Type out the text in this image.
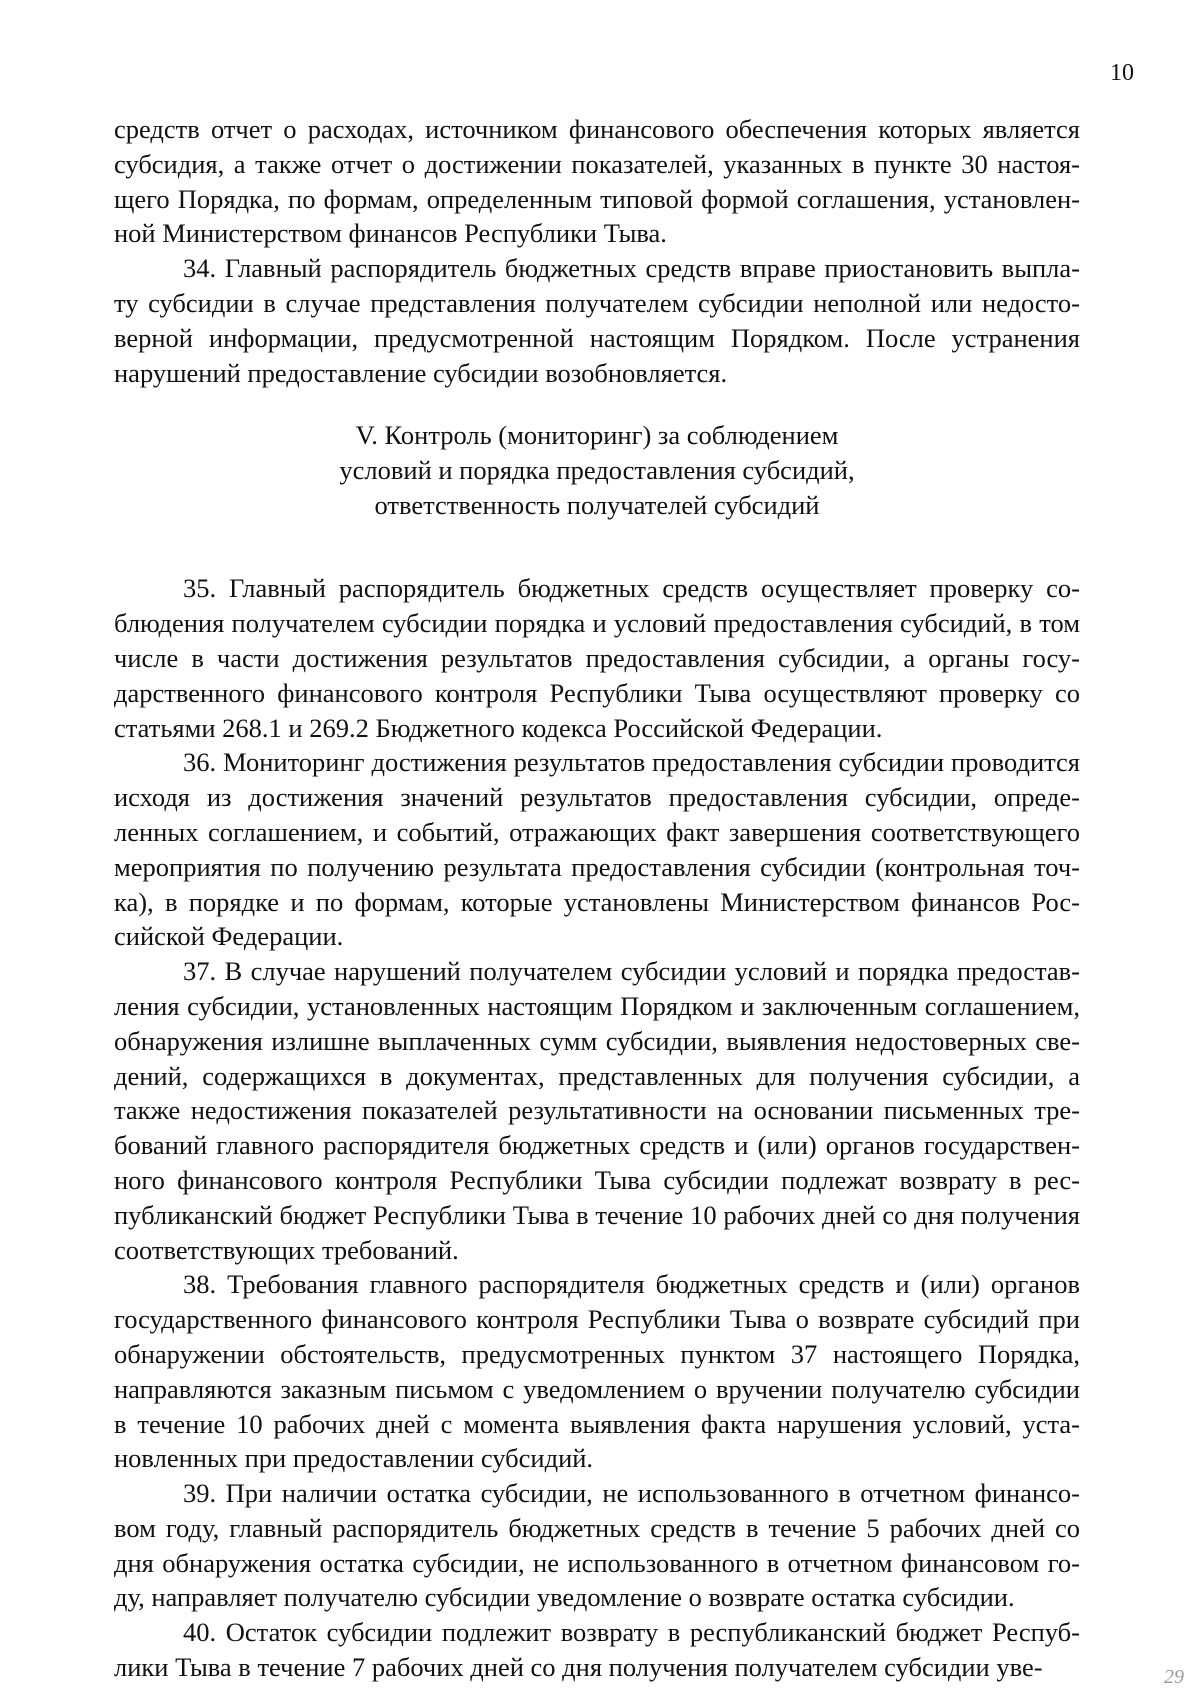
10

средств отчет о расходах, источником финансового обеспечения которых является субсидия, а также отчет о достижении показателей, указанных в пункте 30 настоящего Порядка, по формам, определенным типовой формой соглашения, установленной Министерством финансов Республики Тыва.

34. Главный распорядитель бюджетных средств вправе приостановить выплату субсидии в случае представления получателем субсидии неполной или недостоверной информации, предусмотренной настоящим Порядком. После устранения нарушений предоставление субсидии возобновляется.

V. Контроль (мониторинг) за соблюдением
условий и порядка предоставления субсидий,
ответственность получателей субсидий

35. Главный распорядитель бюджетных средств осуществляет проверку соблюдения получателем субсидии порядка и условий предоставления субсидий, в том числе в части достижения результатов предоставления субсидии, а органы государственного финансового контроля Республики Тыва осуществляют проверку со статьями 268.1 и 269.2 Бюджетного кодекса Российской Федерации.

36. Мониторинг достижения результатов предоставления субсидии проводится исходя из достижения значений результатов предоставления субсидии, определенных соглашением, и событий, отражающих факт завершения соответствующего мероприятия по получению результата предоставления субсидии (контрольная точка), в порядке и по формам, которые установлены Министерством финансов Российской Федерации.

37. В случае нарушений получателем субсидии условий и порядка предоставления субсидии, установленных настоящим Порядком и заключенным соглашением, обнаружения излишне выплаченных сумм субсидии, выявления недостоверных сведений, содержащихся в документах, представленных для получения субсидии, а также недостижения показателей результативности на основании письменных требований главного распорядителя бюджетных средств и (или) органов государственного финансового контроля Республики Тыва субсидии подлежат возврату в республиканский бюджет Республики Тыва в течение 10 рабочих дней со дня получения соответствующих требований.

38. Требования главного распорядителя бюджетных средств и (или) органов государственного финансового контроля Республики Тыва о возврате субсидий при обнаружении обстоятельств, предусмотренных пунктом 37 настоящего Порядка, направляются заказным письмом с уведомлением о вручении получателю субсидии в течение 10 рабочих дней с момента выявления факта нарушения условий, установленных при предоставлении субсидий.

39. При наличии остатка субсидии, не использованного в отчетном финансовом году, главный распорядитель бюджетных средств в течение 5 рабочих дней со дня обнаружения остатка субсидии, не использованного в отчетном финансовом году, направляет получателю субсидии уведомление о возврате остатка субсидии.

40. Остаток субсидии подлежит возврату в республиканский бюджет Республики Тыва в течение 7 рабочих дней со дня получения получателем субсидии уве-	29
